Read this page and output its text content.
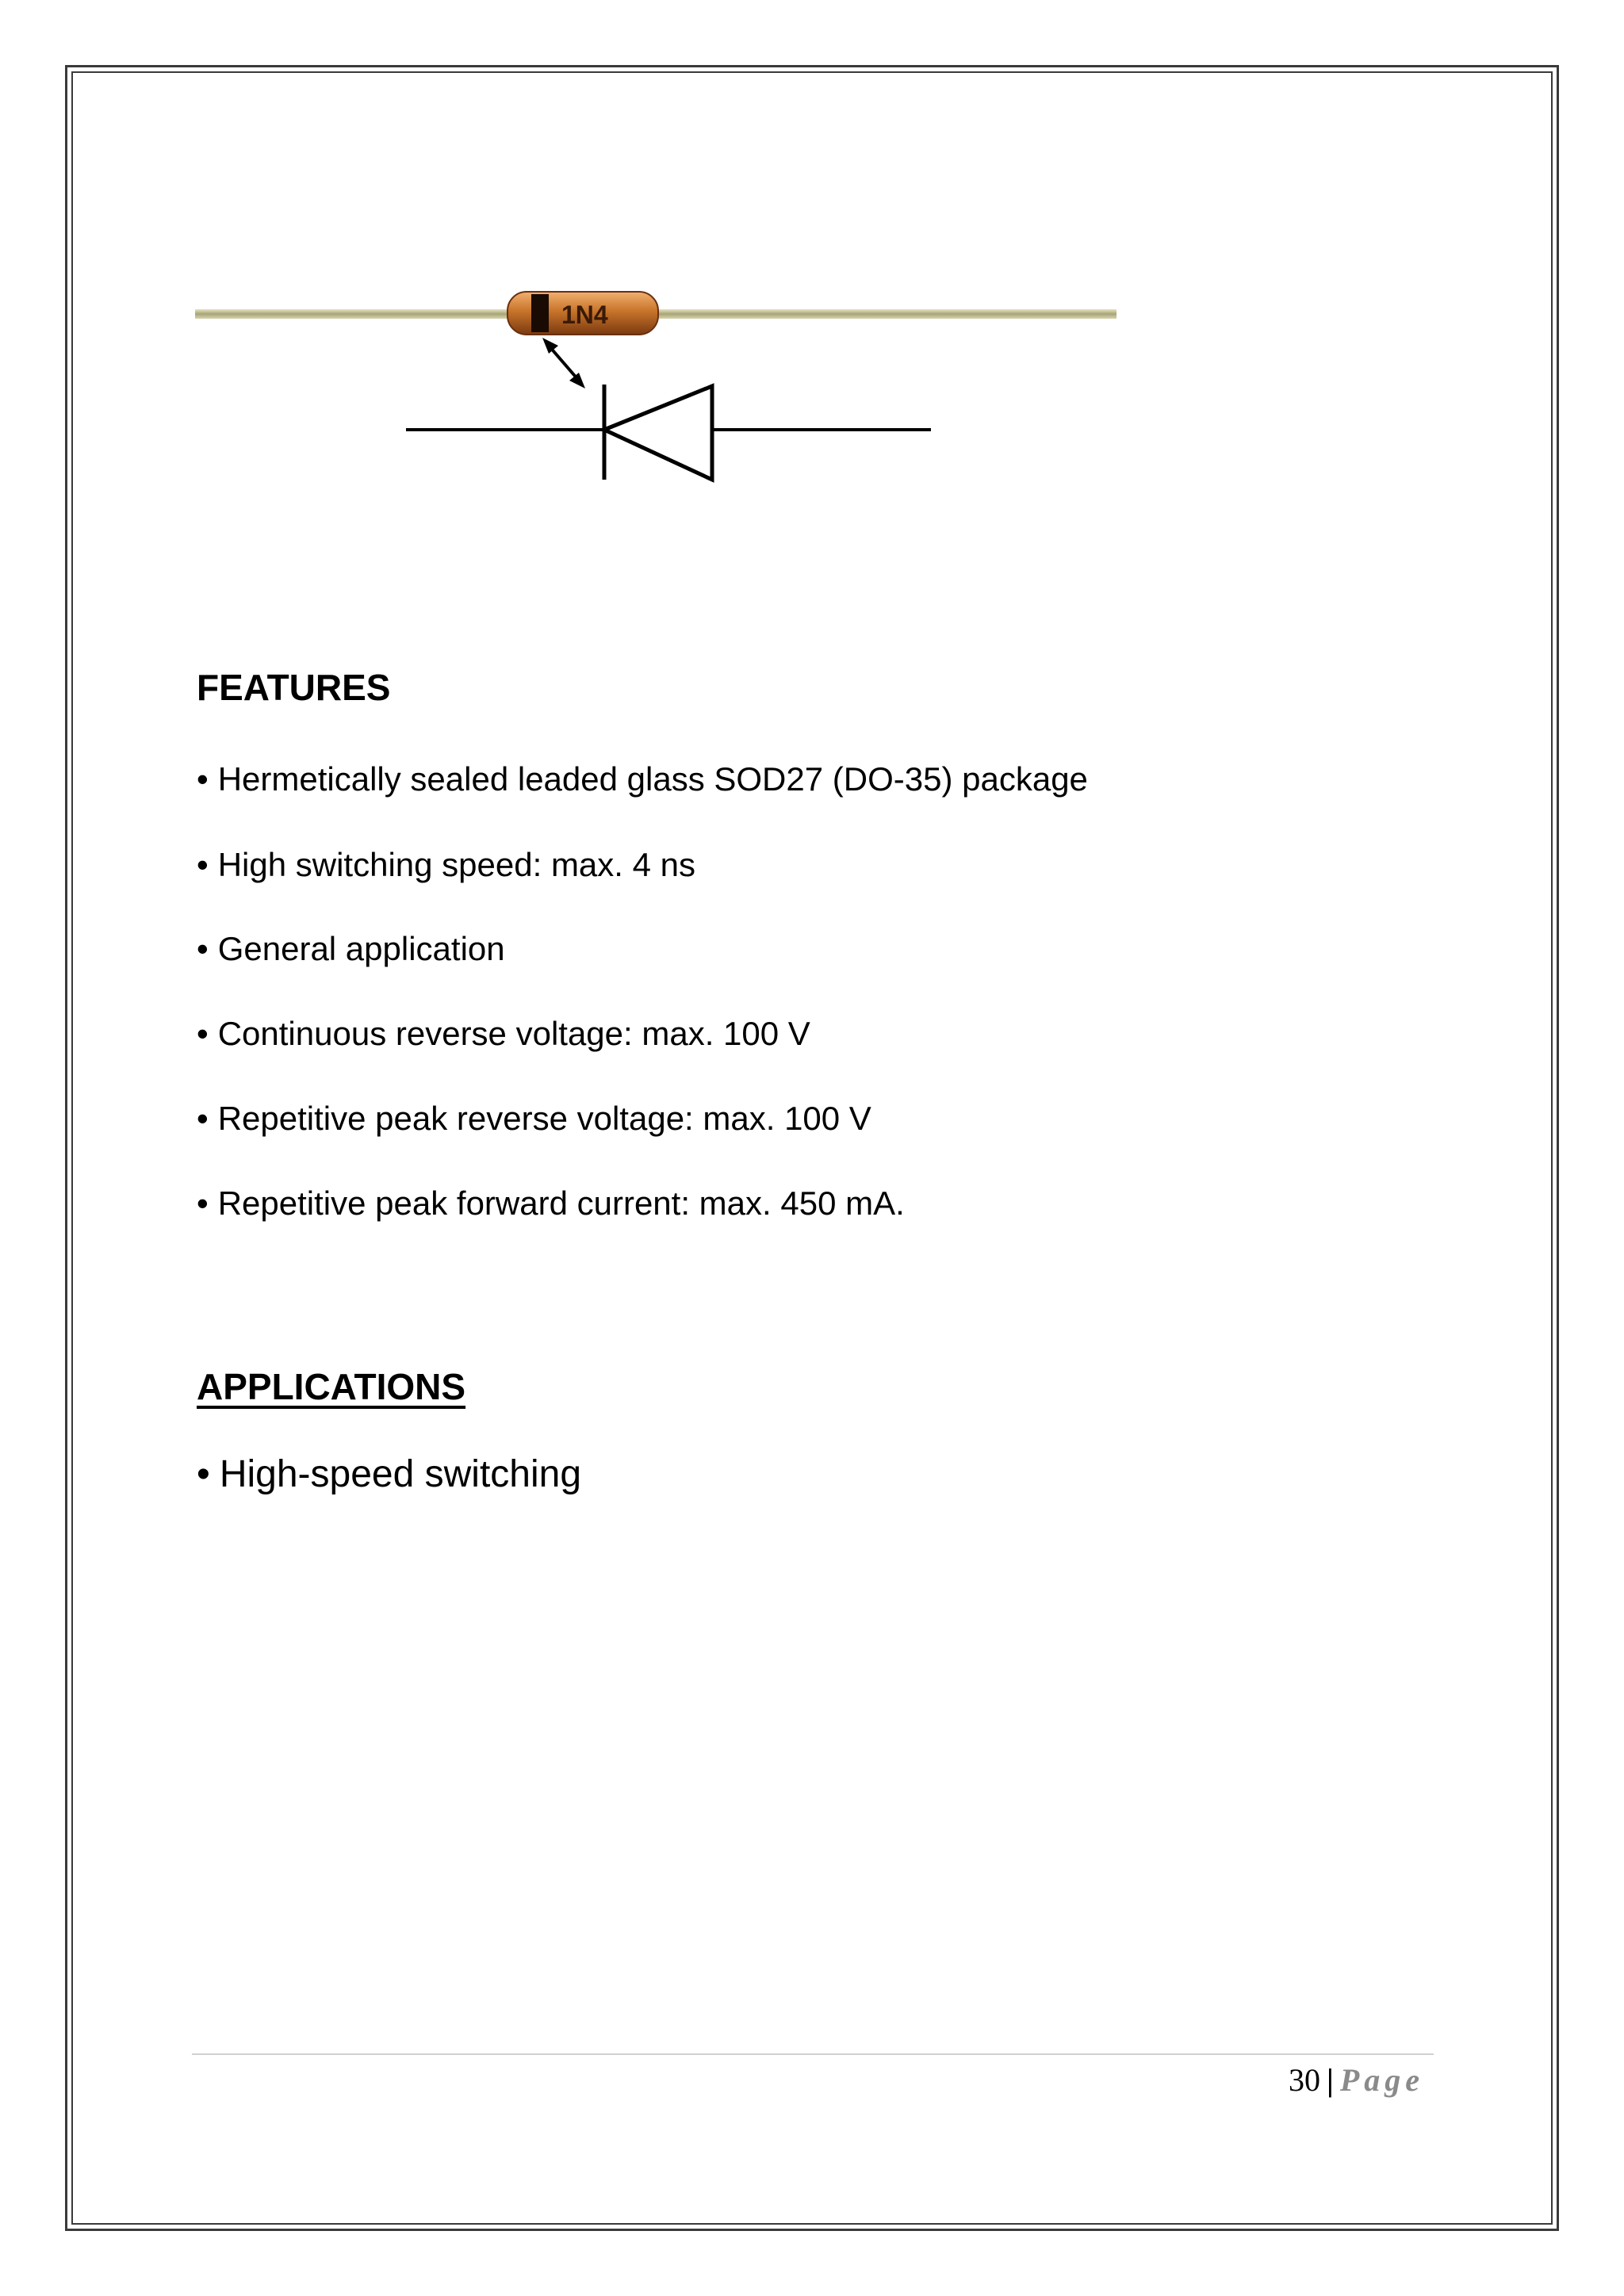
1N4
FEATURES

• Hermetically sealed leaded glass SOD27 (DO-35) package

• High switching speed: max. 4 ns

• General application

• Continuous reverse voltage: max. 100 V

• Repetitive peak reverse voltage: max. 100 V

• Repetitive peak forward current: max. 450 mA.

APPLICATIONS

• High-speed switching

30 | Page
